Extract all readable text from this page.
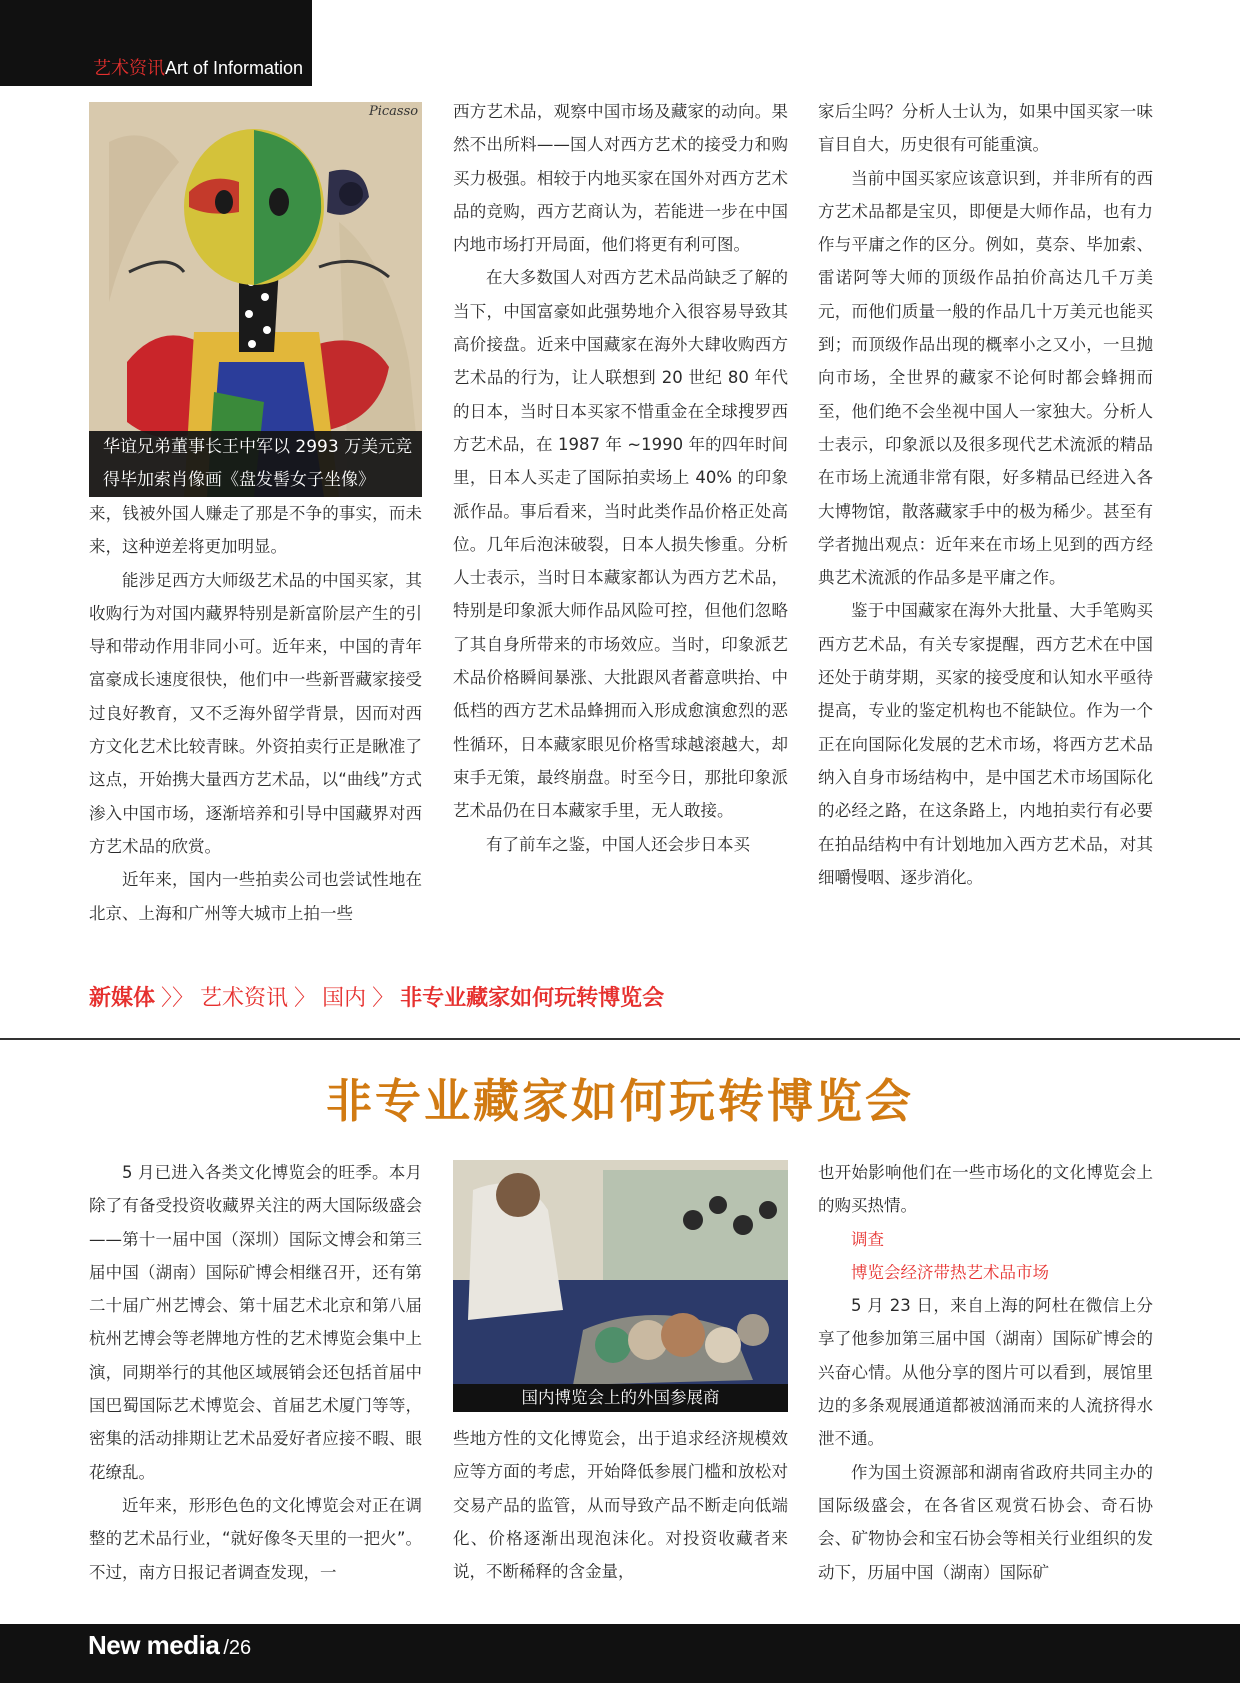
艺术资讯Art of Information
Picasso
华谊兄弟董事长王中军以 2993 万美元竞
得毕加索肖像画《盘发髻女子坐像》

来，钱被外国人赚走了那是不争的事实，而未来，这种逆差将更加明显。

能涉足西方大师级艺术品的中国买家，其收购行为对国内藏界特别是新富阶层产生的引导和带动作用非同小可。近年来，中国的青年富豪成长速度很快，他们中一些新晋藏家接受过良好教育，又不乏海外留学背景，因而对西方文化艺术比较青睐。外资拍卖行正是瞅准了这点，开始携大量西方艺术品，以“曲线”方式渗入中国市场，逐渐培养和引导中国藏界对西方艺术品的欣赏。

近年来，国内一些拍卖公司也尝试性地在北京、上海和广州等大城市上拍一些

西方艺术品，观察中国市场及藏家的动向。果然不出所料——国人对西方艺术的接受力和购买力极强。相较于内地买家在国外对西方艺术品的竞购，西方艺商认为，若能进一步在中国内地市场打开局面，他们将更有利可图。

在大多数国人对西方艺术品尚缺乏了解的当下，中国富豪如此强势地介入很容易导致其高价接盘。近来中国藏家在海外大肆收购西方艺术品的行为，让人联想到 20 世纪 80 年代的日本，当时日本买家不惜重金在全球搜罗西方艺术品，在 1987 年 ~1990 年的四年时间里，日本人买走了国际拍卖场上 40% 的印象派作品。事后看来，当时此类作品价格正处高位。几年后泡沫破裂，日本人损失惨重。分析人士表示，当时日本藏家都认为西方艺术品，特别是印象派大师作品风险可控，但他们忽略了其自身所带来的市场效应。当时，印象派艺术品价格瞬间暴涨、大批跟风者蓄意哄抬、中低档的西方艺术品蜂拥而入形成愈演愈烈的恶性循环，日本藏家眼见价格雪球越滚越大，却束手无策，最终崩盘。时至今日，那批印象派艺术品仍在日本藏家手里，无人敢接。

有了前车之鉴，中国人还会步日本买

家后尘吗？分析人士认为，如果中国买家一味盲目自大，历史很有可能重演。

当前中国买家应该意识到，并非所有的西方艺术品都是宝贝，即便是大师作品，也有力作与平庸之作的区分。例如，莫奈、毕加索、雷诺阿等大师的顶级作品拍价高达几千万美元，而他们质量一般的作品几十万美元也能买到；而顶级作品出现的概率小之又小，一旦抛向市场，全世界的藏家不论何时都会蜂拥而至，他们绝不会坐视中国人一家独大。分析人士表示，印象派以及很多现代艺术流派的精品在市场上流通非常有限，好多精品已经进入各大博物馆，散落藏家手中的极为稀少。甚至有学者抛出观点：近年来在市场上见到的西方经典艺术流派的作品多是平庸之作。

鉴于中国藏家在海外大批量、大手笔购买西方艺术品，有关专家提醒，西方艺术在中国还处于萌芽期，买家的接受度和认知水平亟待提高，专业的鉴定机构也不能缺位。作为一个正在向国际化发展的艺术市场，将西方艺术品纳入自身市场结构中，是中国艺术市场国际化的必经之路，在这条路上，内地拍卖行有必要在拍品结构中有计划地加入西方艺术品，对其细嚼慢咽、逐步消化。

新媒体 〉〉 艺术资讯 〉 国内 〉 非专业藏家如何玩转博览会
非专业藏家如何玩转博览会

5 月已进入各类文化博览会的旺季。本月除了有备受投资收藏界关注的两大国际级盛会——第十一届中国（深圳）国际文博会和第三届中国（湖南）国际矿博会相继召开，还有第二十届广州艺博会、第十届艺术北京和第八届杭州艺博会等老牌地方性的艺术博览会集中上演，同期举行的其他区域展销会还包括首届中国巴蜀国际艺术博览会、首届艺术厦门等等，密集的活动排期让艺术品爱好者应接不暇、眼花缭乱。

近年来，形形色色的文化博览会对正在调整的艺术品行业，“就好像冬天里的一把火”。不过，南方日报记者调查发现，一

国内博览会上的外国参展商

些地方性的文化博览会，出于追求经济规模效应等方面的考虑，开始降低参展门槛和放松对交易产品的监管，从而导致产品不断走向低端化、价格逐渐出现泡沫化。对投资收藏者来说，不断稀释的含金量，

也开始影响他们在一些市场化的文化博览会上的购买热情。

调查

博览会经济带热艺术品市场

5 月 23 日，来自上海的阿杜在微信上分享了他参加第三届中国（湖南）国际矿博会的兴奋心情。从他分享的图片可以看到，展馆里边的多条观展通道都被汹涌而来的人流挤得水泄不通。

作为国土资源部和湖南省政府共同主办的国际级盛会，在各省区观赏石协会、奇石协会、矿物协会和宝石协会等相关行业组织的发动下，历届中国（湖南）国际矿

New media /26
